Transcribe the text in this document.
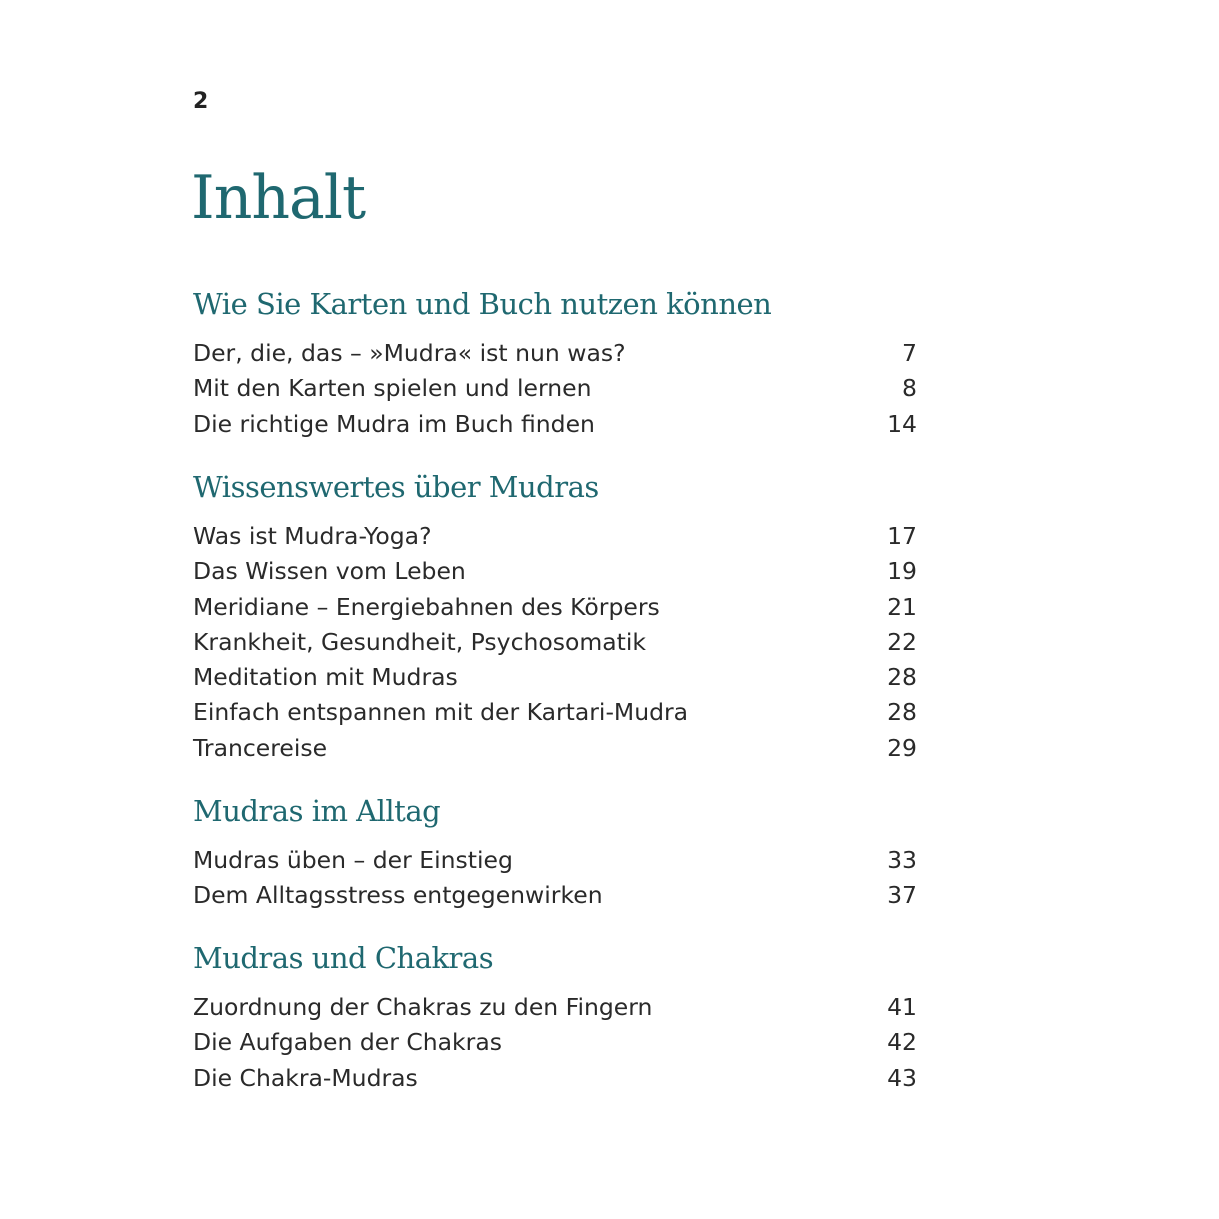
2
Inhalt
Wie Sie Karten und Buch nutzen können
Der, die, das – »Mudra« ist nun was?	7
Mit den Karten spielen und lernen	8
Die richtige Mudra im Buch finden	14
Wissenswertes über Mudras
Was ist Mudra-Yoga?	17
Das Wissen vom Leben	19
Meridiane – Energiebahnen des Körpers	21
Krankheit, Gesundheit, Psychosomatik	22
Meditation mit Mudras	28
Einfach entspannen mit der Kartari-Mudra	28
Trancereise	29
Mudras im Alltag
Mudras üben – der Einstieg	33
Dem Alltagsstress entgegenwirken	37
Mudras und Chakras
Zuordnung der Chakras zu den Fingern	41
Die Aufgaben der Chakras	42
Die Chakra-Mudras	43
